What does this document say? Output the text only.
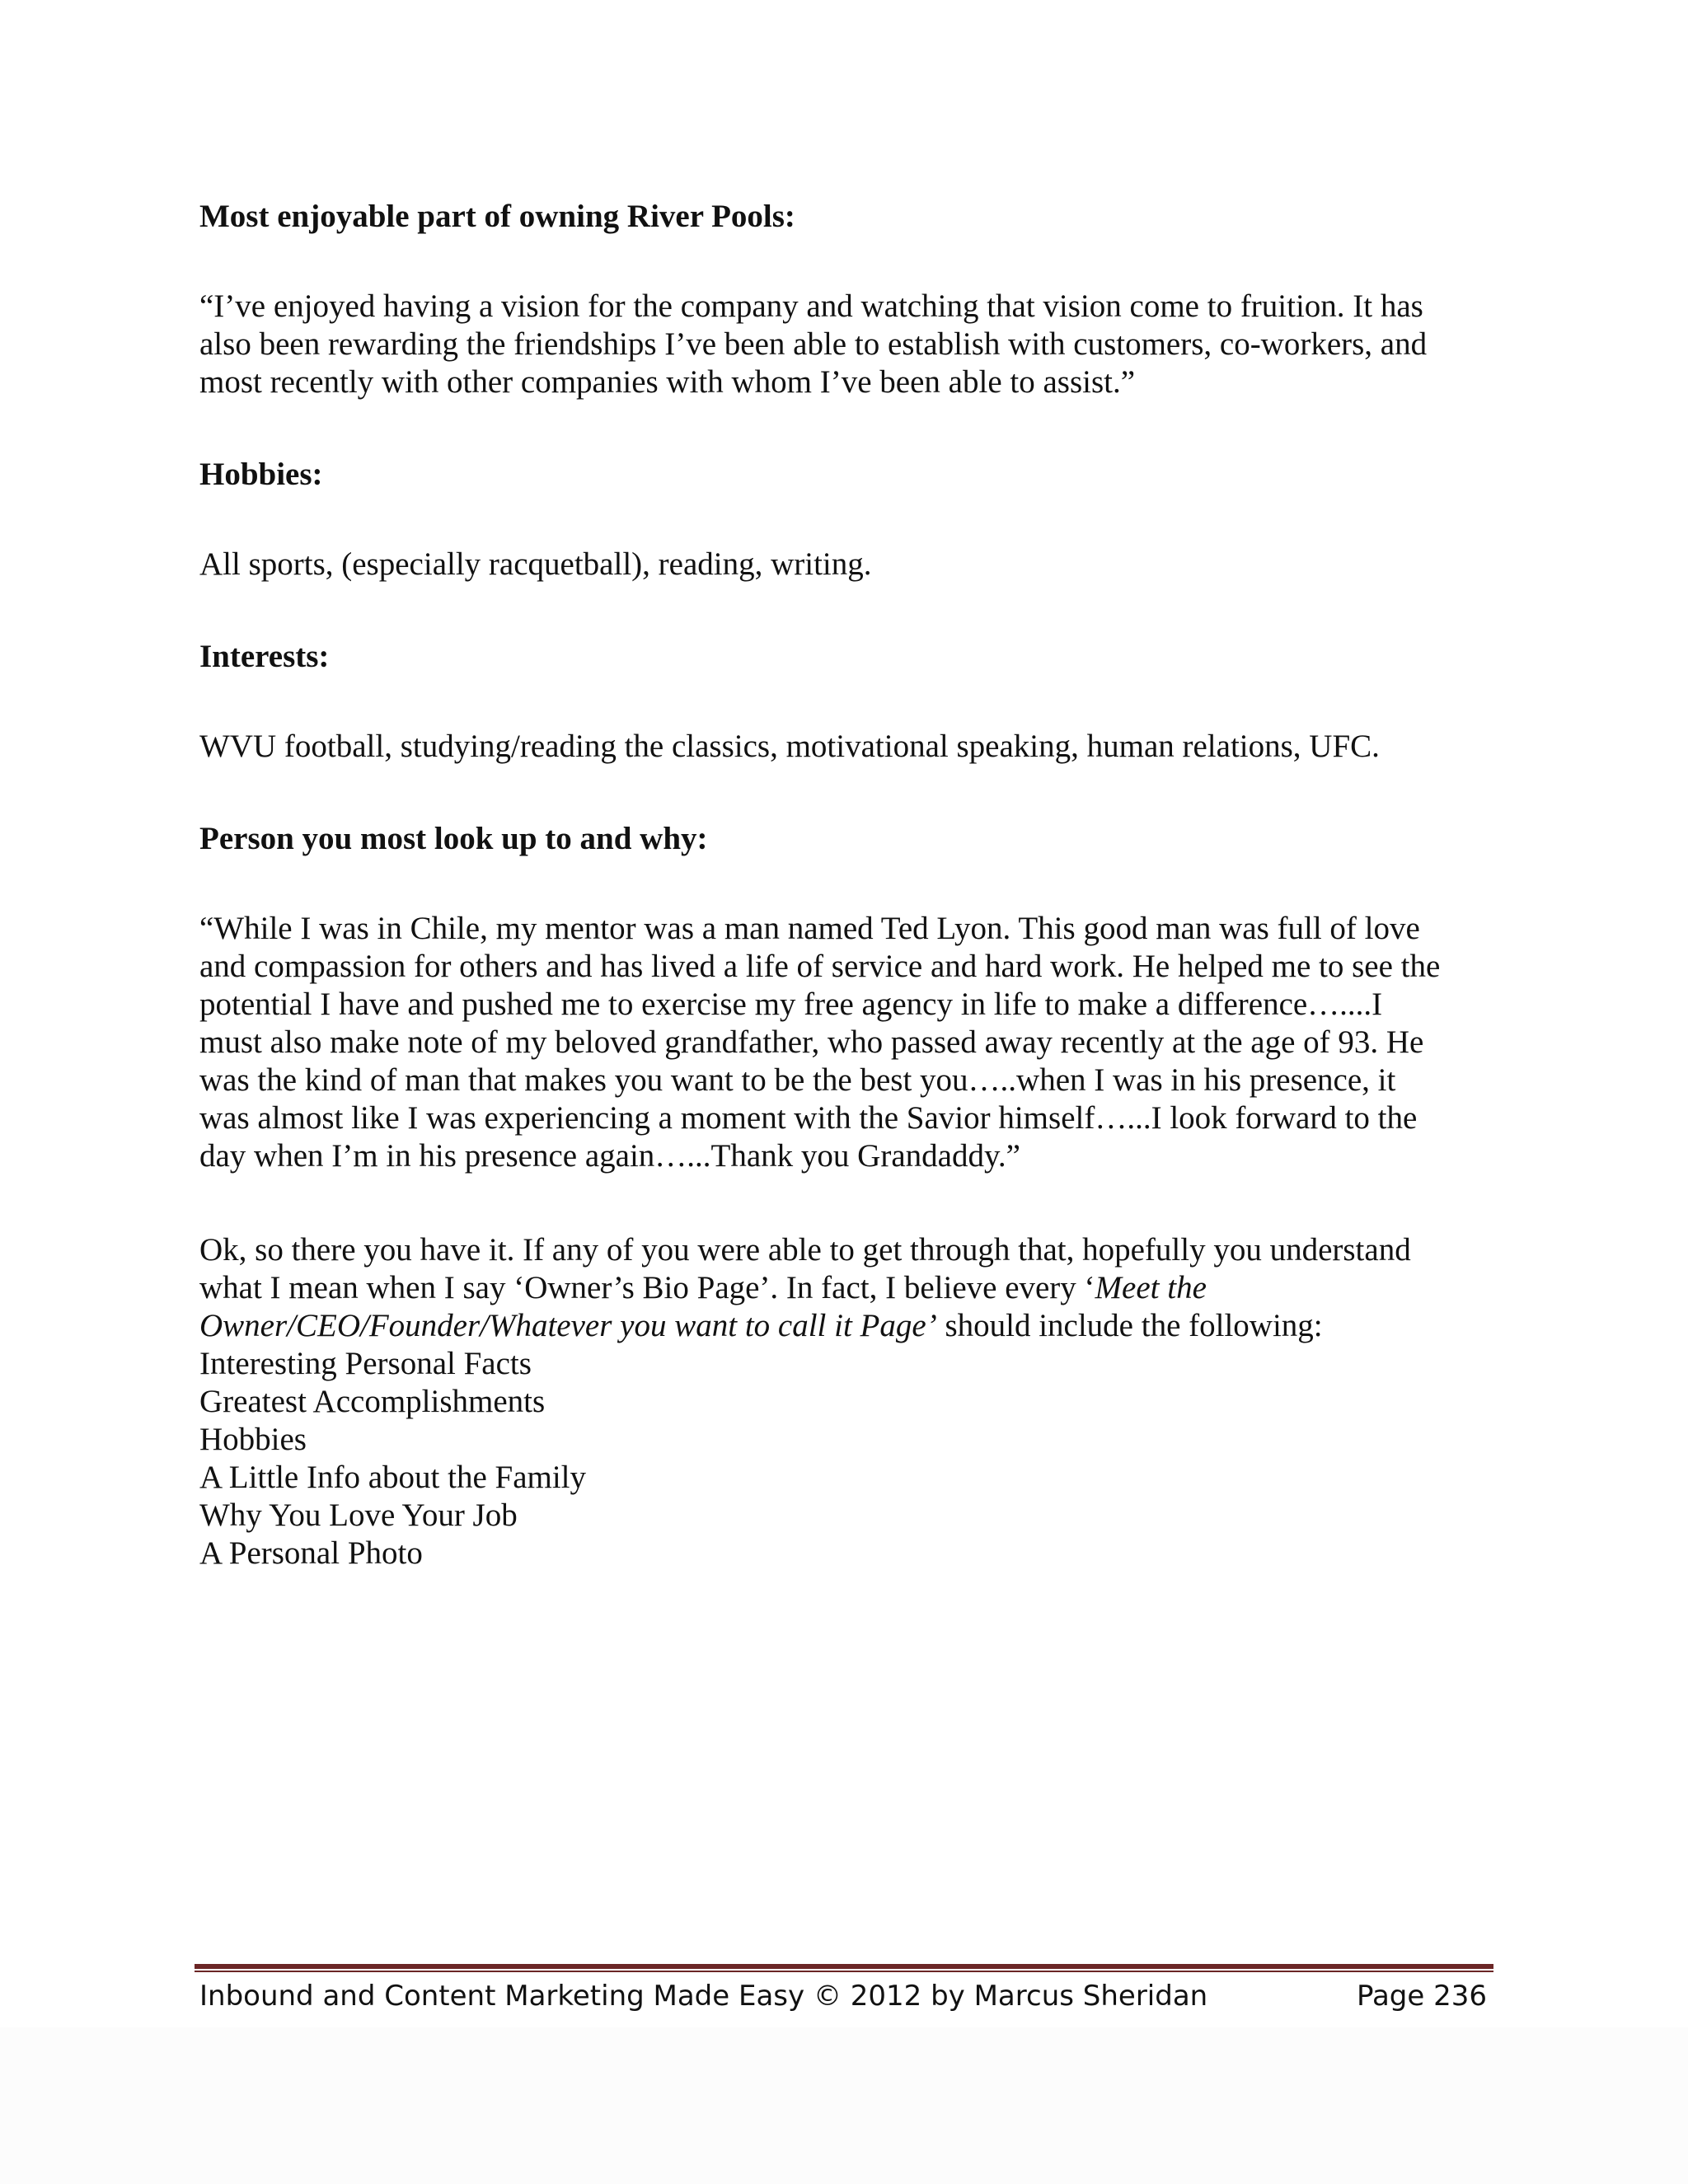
Most enjoyable part of owning River Pools:

“I’ve enjoyed having a vision for the company and watching that vision come to fruition. It has
also been rewarding the friendships I’ve been able to establish with customers, co-workers, and
most recently with other companies with whom I’ve been able to assist.”

Hobbies:

All sports, (especially racquetball), reading, writing.

Interests:

WVU football, studying/reading the classics, motivational speaking, human relations, UFC.

Person you most look up to and why:

“While I was in Chile, my mentor was a man named Ted Lyon. This good man was full of love
and compassion for others and has lived a life of service and hard work. He helped me to see the
potential I have and pushed me to exercise my free agency in life to make a difference…....I
must also make note of my beloved grandfather, who passed away recently at the age of 93. He
was the kind of man that makes you want to be the best you…..when I was in his presence, it
was almost like I was experiencing a moment with the Savior himself…...I look forward to the
day when I’m in his presence again…...Thank you Grandaddy.”

Ok, so there you have it. If any of you were able to get through that, hopefully you understand
what I mean when I say ‘Owner’s Bio Page’. In fact, I believe every ‘Meet the
Owner/CEO/Founder/Whatever you want to call it Page’ should include the following:

Interesting Personal Facts

Greatest Accomplishments

Hobbies

A Little Info about the Family

Why You Love Your Job

A Personal Photo

Inbound and Content Marketing Made Easy © 2012 by Marcus Sheridan	Page 236
